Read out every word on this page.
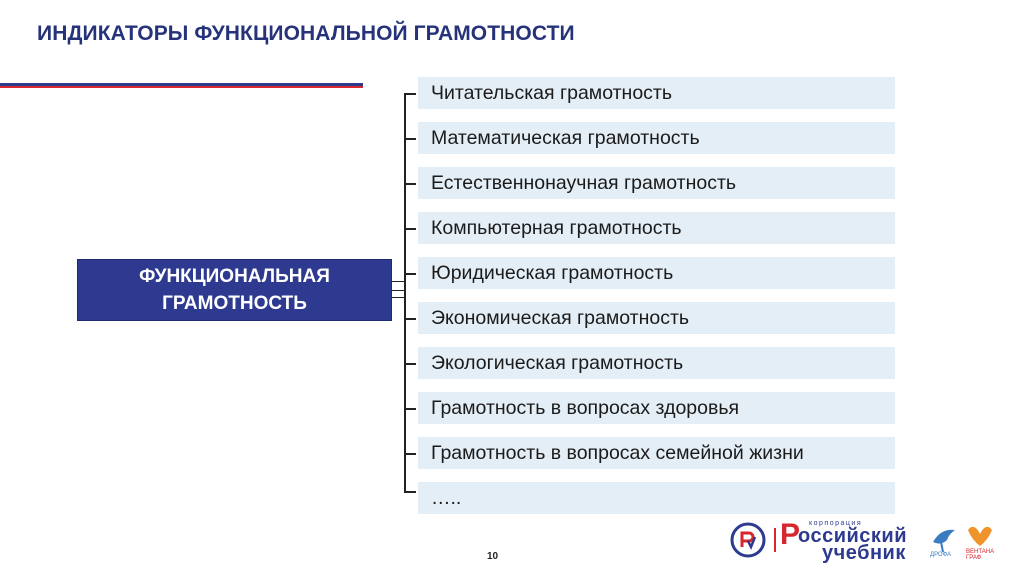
ИНДИКАТОРЫ ФУНКЦИОНАЛЬНОЙ ГРАМОТНОСТИ
ФУНКЦИОНАЛЬНАЯ
ГРАМОТНОСТЬ
Читательская грамотность
Математическая грамотность
Естественнонаучная грамотность
Компьютерная грамотность
Юридическая грамотность
Экономическая грамотность
Экологическая грамотность
Грамотность в вопросах здоровья
Грамотность в вопросах семейной жизни
…..
10
корпорация
Р
оссийский
учебник	ДРОФА ВЕНТАНА ГРАФ
